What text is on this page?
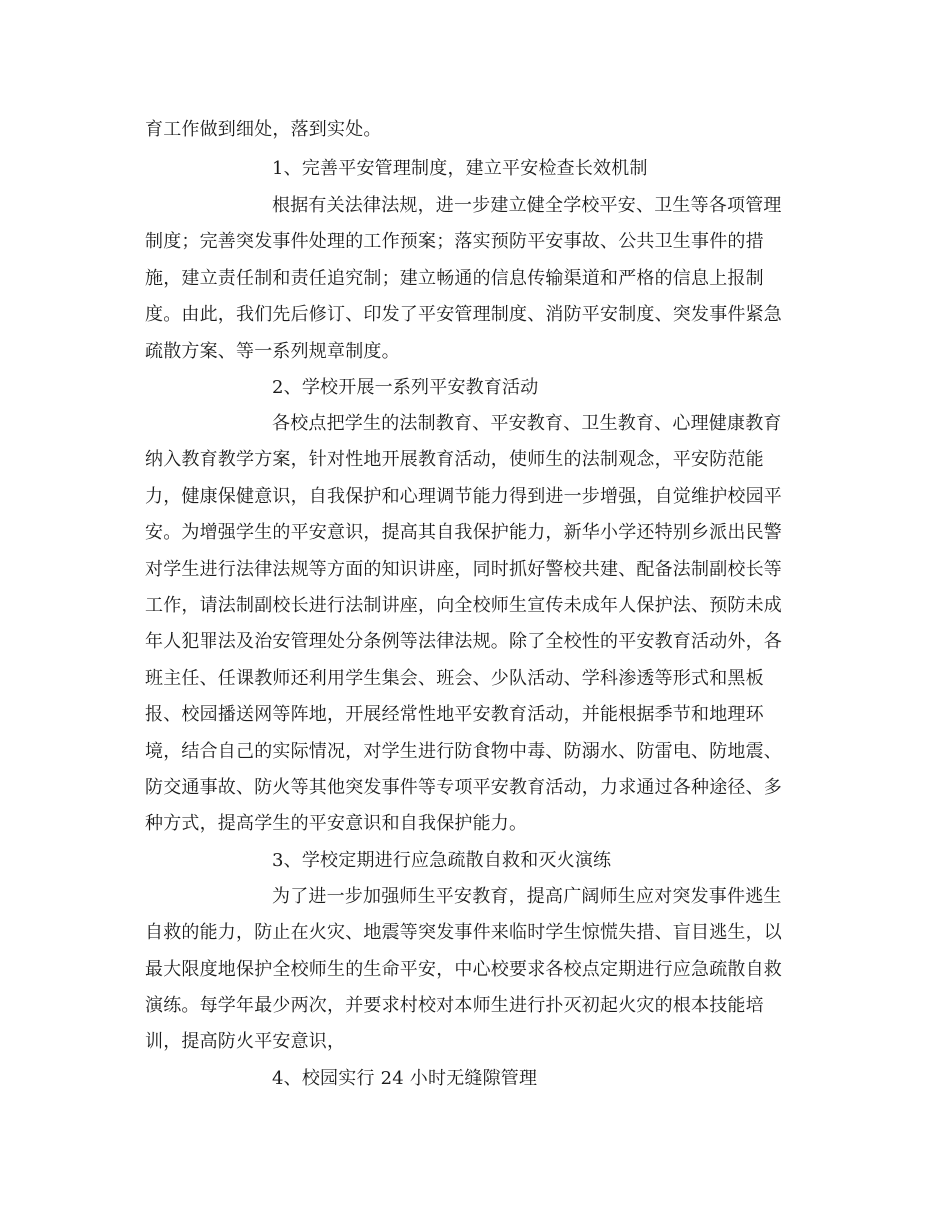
育工作做到细处，落到实处。
1、完善平安管理制度，建立平安检查长效机制
根据有关法律法规，进一步建立健全学校平安、卫生等各项管理
制度；完善突发事件处理的工作预案；落实预防平安事故、公共卫生事件的措
施，建立责任制和责任追究制；建立畅通的信息传输渠道和严格的信息上报制
度。由此，我们先后修订、印发了平安管理制度、消防平安制度、突发事件紧急
疏散方案、等一系列规章制度。
2、学校开展一系列平安教育活动
各校点把学生的法制教育、平安教育、卫生教育、心理健康教育
纳入教育教学方案，针对性地开展教育活动，使师生的法制观念，平安防范能
力，健康保健意识，自我保护和心理调节能力得到进一步增强，自觉维护校园平
安。为增强学生的平安意识，提高其自我保护能力，新华小学还特别乡派出民警
对学生进行法律法规等方面的知识讲座，同时抓好警校共建、配备法制副校长等
工作，请法制副校长进行法制讲座，向全校师生宣传未成年人保护法、预防未成
年人犯罪法及治安管理处分条例等法律法规。除了全校性的平安教育活动外，各
班主任、任课教师还利用学生集会、班会、少队活动、学科渗透等形式和黑板
报、校园播送网等阵地，开展经常性地平安教育活动，并能根据季节和地理环
境，结合自己的实际情况，对学生进行防食物中毒、防溺水、防雷电、防地震、
防交通事故、防火等其他突发事件等专项平安教育活动，力求通过各种途径、多
种方式，提高学生的平安意识和自我保护能力。
3、学校定期进行应急疏散自救和灭火演练
为了进一步加强师生平安教育，提高广阔师生应对突发事件逃生
自救的能力，防止在火灾、地震等突发事件来临时学生惊慌失措、盲目逃生，以
最大限度地保护全校师生的生命平安，中心校要求各校点定期进行应急疏散自救
演练。每学年最少两次，并要求村校对本师生进行扑灭初起火灾的根本技能培
训，提高防火平安意识，
4、校园实行 24 小时无缝隙管理
